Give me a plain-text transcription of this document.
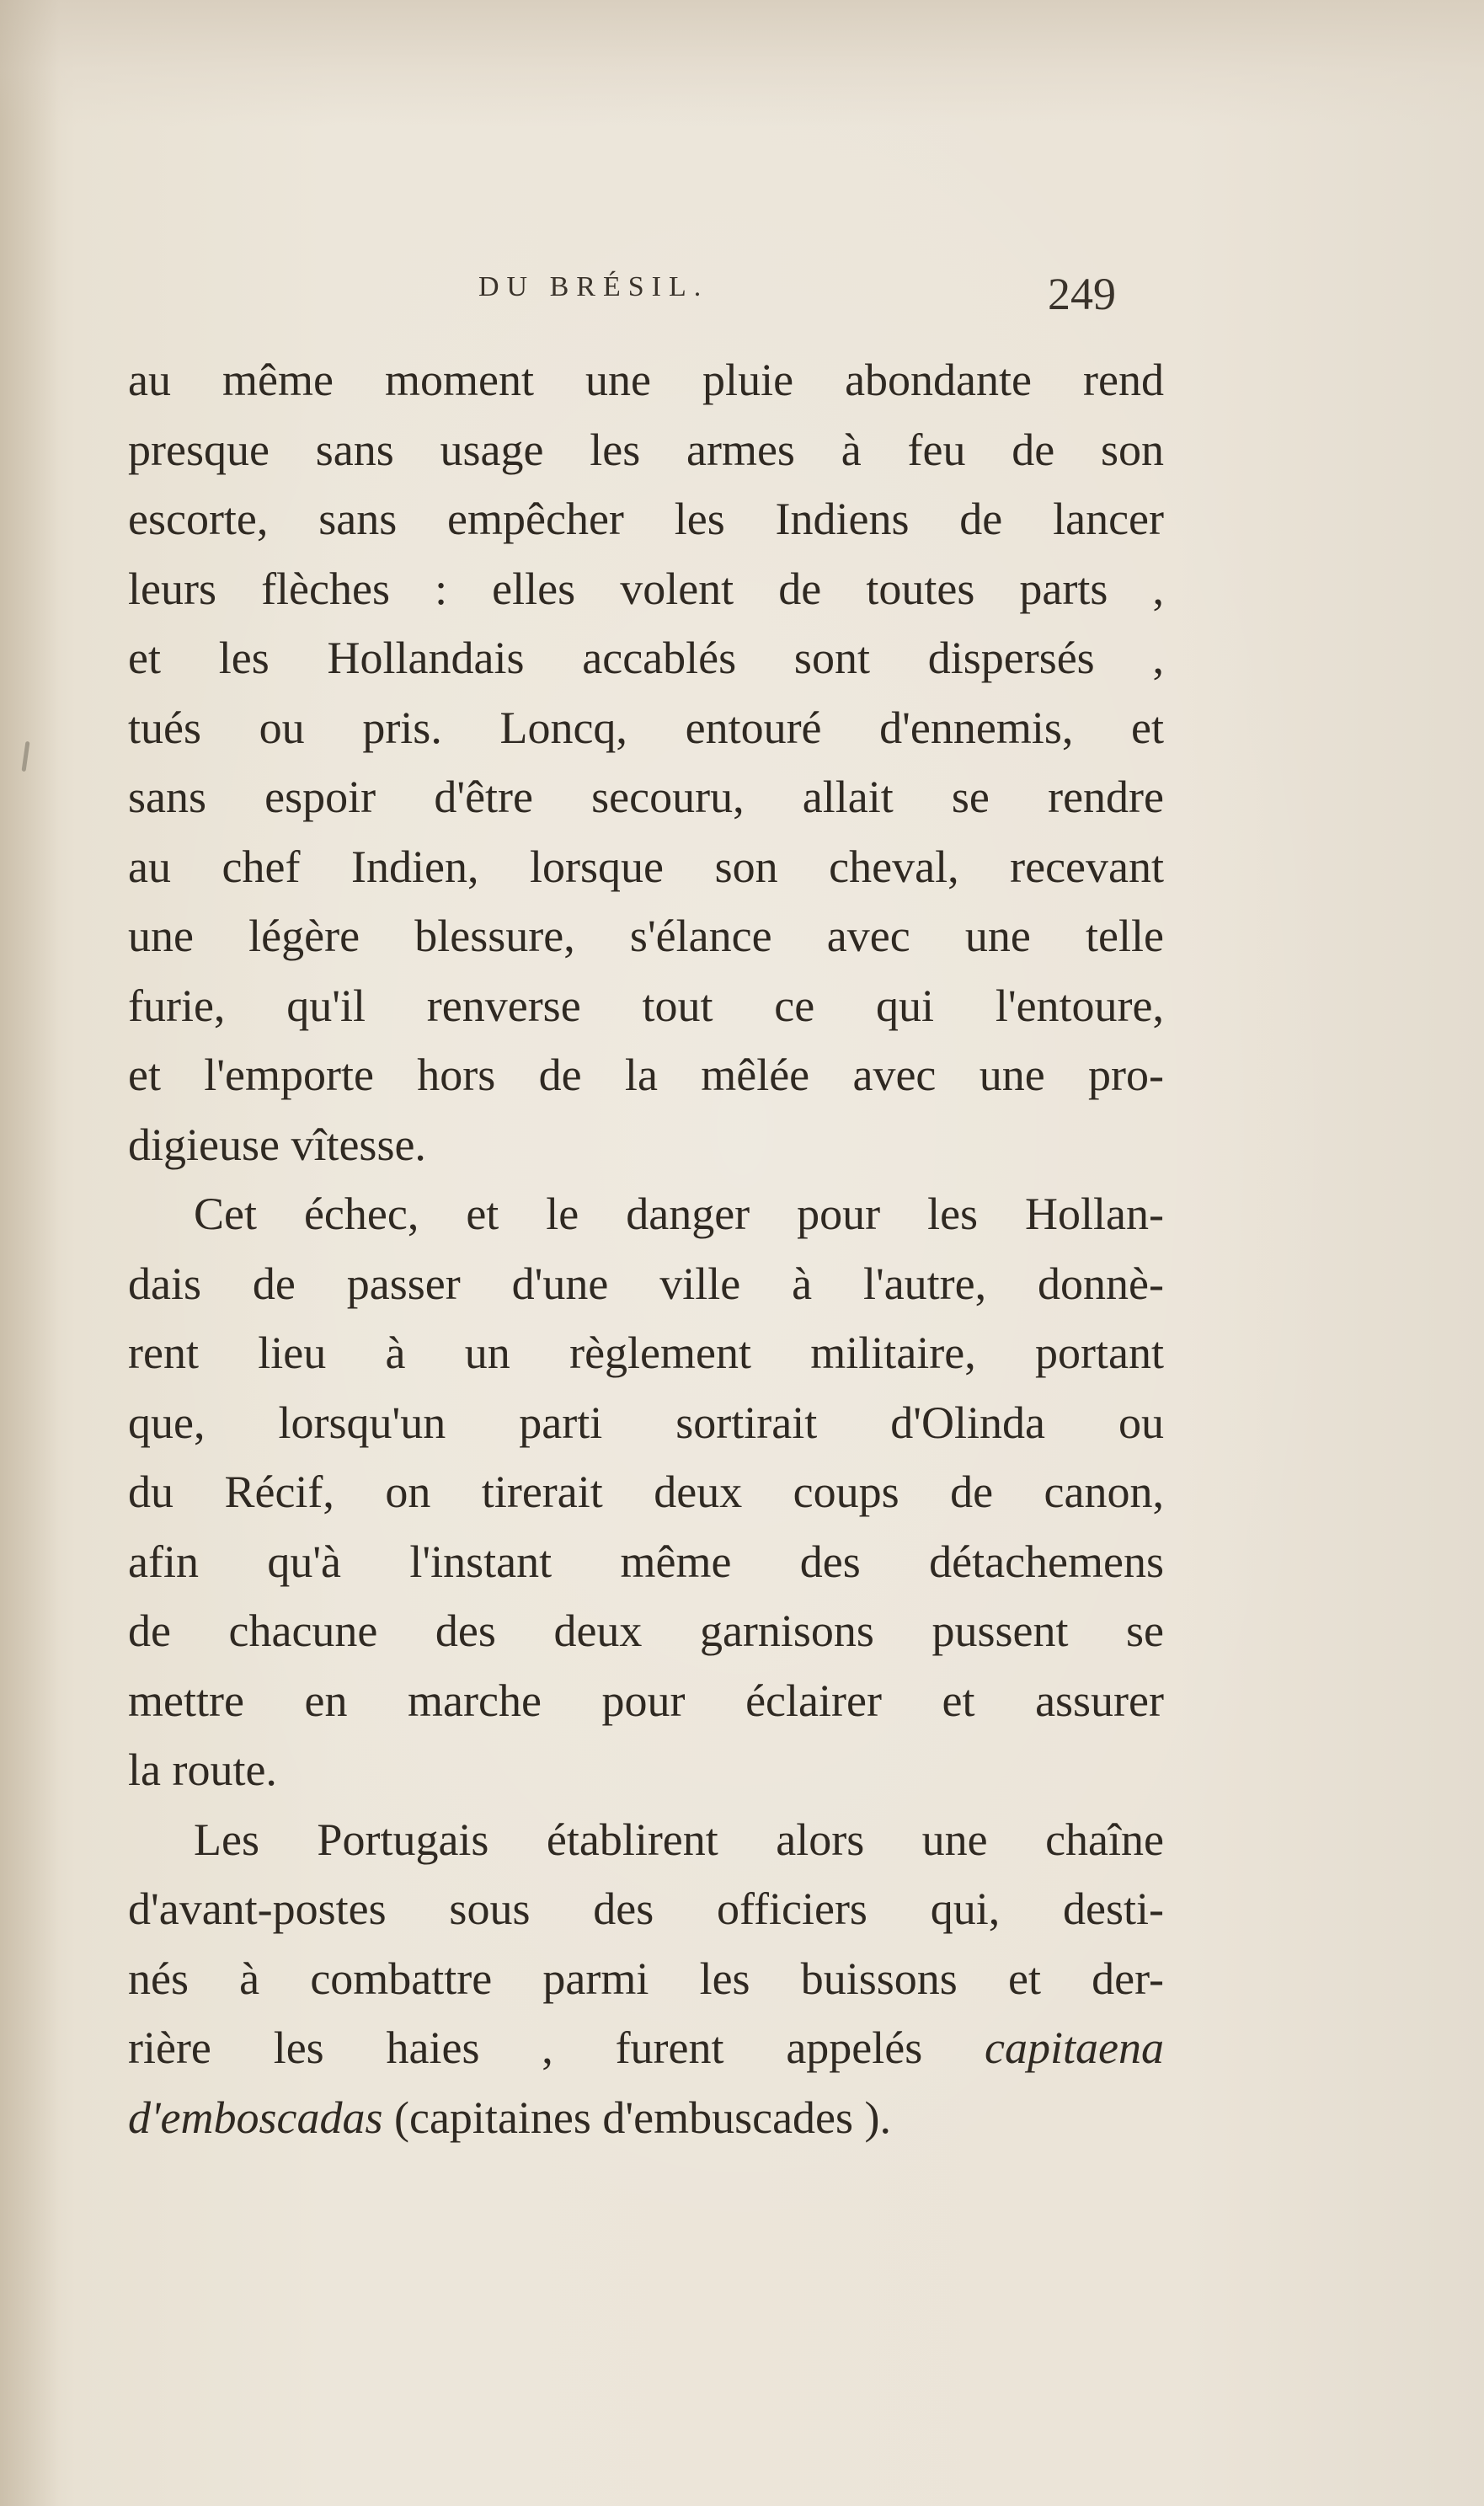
DU BRÉSIL.	249
au même moment une pluie abondante rend
presque sans usage les armes à feu de son
escorte, sans empêcher les Indiens de lancer
leurs flèches : elles volent de toutes parts ,
et les Hollandais accablés sont dispersés ,
tués ou pris. Loncq, entouré d'ennemis, et
sans espoir d'être secouru, allait se rendre
au chef Indien, lorsque son cheval, recevant
une légère blessure, s'élance avec une telle
furie, qu'il renverse tout ce qui l'entoure,
et l'emporte hors de la mêlée avec une pro-
digieuse vîtesse.
Cet échec, et le danger pour les Hollan-
dais de passer d'une ville à l'autre, donnè-
rent lieu à un règlement militaire, portant
que, lorsqu'un parti sortirait d'Olinda ou
du Récif, on tirerait deux coups de canon,
afin qu'à l'instant même des détachemens
de chacune des deux garnisons pussent se
mettre en marche pour éclairer et assurer
la route.
Les Portugais établirent alors une chaîne
d'avant-postes sous des officiers qui, desti-
nés à combattre parmi les buissons et der-
rière les haies , furent appelés capitaena
d'emboscadas (capitaines d'embuscades ).
